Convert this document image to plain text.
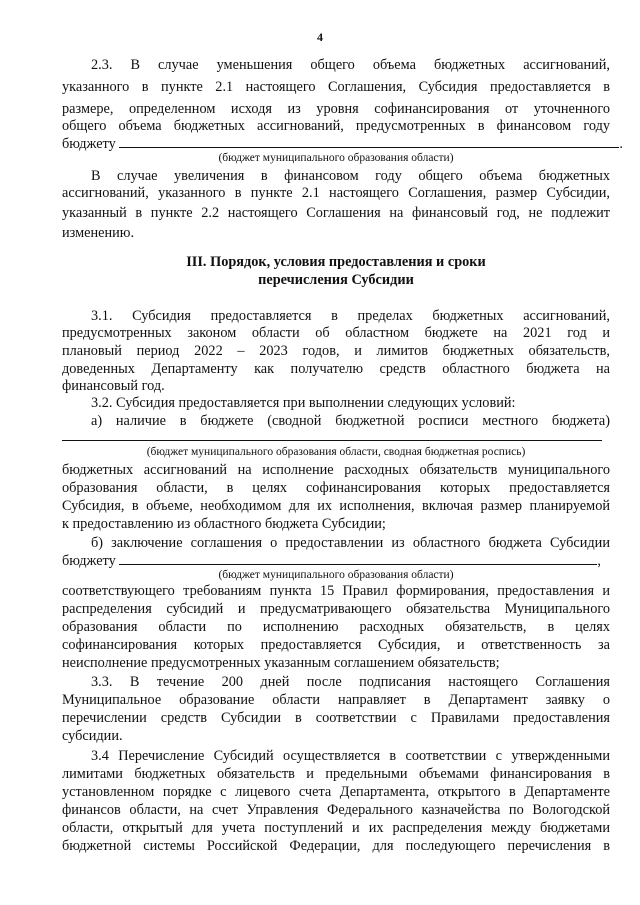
4
2.3. В случае уменьшения общего объема бюджетных ассигнований,
указанного в пункте 2.1 настоящего Соглашения, Субсидия предоставляется в
размере, определенном исходя из уровня софинансирования от уточненного
общего объема бюджетных ассигнований, предусмотренных в финансовом году
бюджету	.
(бюджет муниципального образования области)
В случае увеличения в финансовом году общего объема бюджетных
ассигнований, указанного в пункте 2.1 настоящего Соглашения, размер Субсидии,
указанный в пункте 2.2 настоящего Соглашения на финансовый год, не подлежит
изменению.
III. Порядок, условия предоставления и сроки
перечисления Субсидии
3.1. Субсидия предоставляется в пределах бюджетных ассигнований,
предусмотренных законом области об областном бюджете на 2021 год и
плановый период 2022 – 2023 годов, и лимитов бюджетных обязательств,
доведенных Департаменту как получателю средств областного бюджета на
финансовый год.
3.2. Субсидия предоставляется при выполнении следующих условий:
а) наличие в бюджете (сводной бюджетной росписи местного бюджета)
(бюджет муниципального образования области, сводная бюджетная роспись)
бюджетных ассигнований на исполнение расходных обязательств муниципального
образования области, в целях софинансирования которых предоставляется
Субсидия, в объеме, необходимом для их исполнения, включая размер планируемой
к предоставлению из областного бюджета Субсидии;
б) заключение соглашения о предоставлении из областного бюджета Субсидии
бюджету	,
(бюджет муниципального образования области)
соответствующего требованиям пункта 15 Правил формирования, предоставления и
распределения субсидий и предусматривающего обязательства Муниципального
образования области по исполнению расходных обязательств, в целях
софинансирования которых предоставляется Субсидия, и ответственность за
неисполнение предусмотренных указанным соглашением обязательств;
3.3. В течение 200 дней после подписания настоящего Соглашения
Муниципальное образование области направляет в Департамент заявку о
перечислении средств Субсидии в соответствии с Правилами предоставления
субсидии.
3.4 Перечисление Субсидий осуществляется в соответствии с утвержденными
лимитами бюджетных обязательств и предельными объемами финансирования в
установленном порядке с лицевого счета Департамента, открытого в Департаменте
финансов области, на счет Управления Федерального казначейства по Вологодской
области, открытый для учета поступлений и их распределения между бюджетами
бюджетной системы Российской Федерации, для последующего перечисления в
